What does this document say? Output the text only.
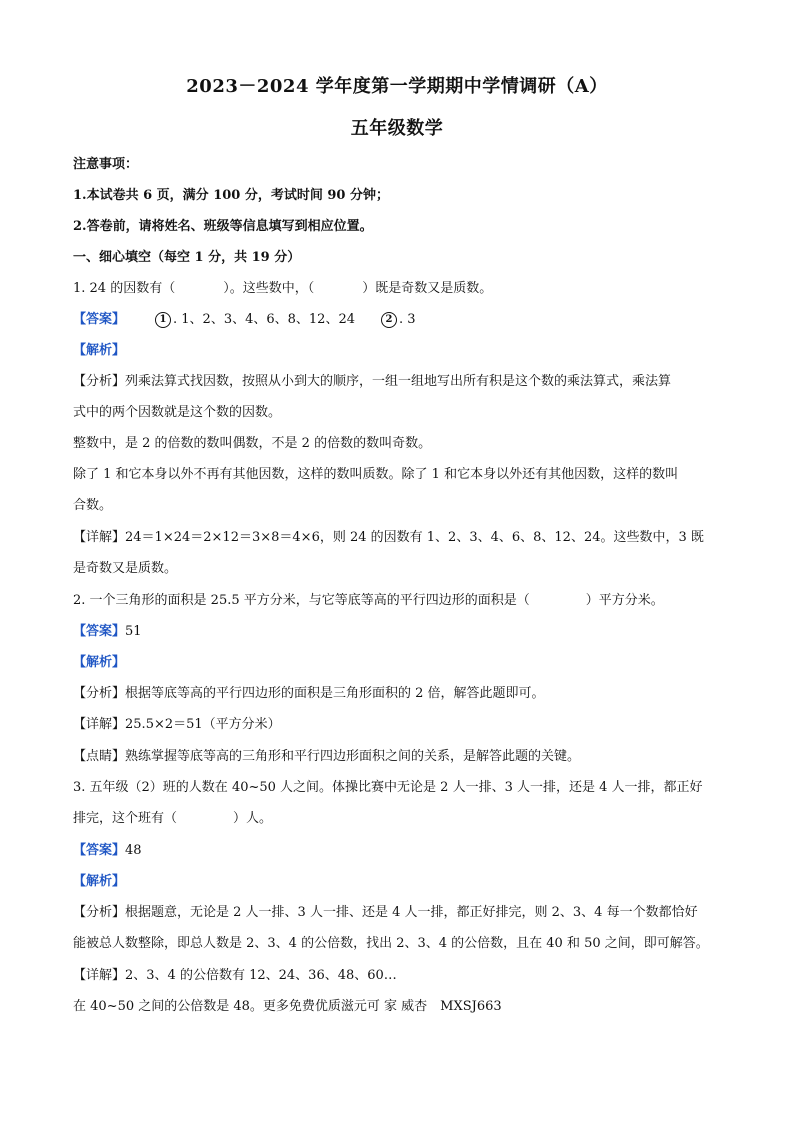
2023－2024 学年度第一学期期中学情调研（A）
五年级数学
注意事项：
1.本试卷共 6 页，满分 100 分，考试时间 90 分钟；
2.答卷前，请将姓名、班级等信息填写到相应位置。
一、细心填空（每空 1 分，共 19 分）
1. 24 的因数有（	）。这些数中，（	）既是奇数又是质数。
【答案】	1 . 1、2、3、4、6、8、12、24	2 . 3
【解析】
【分析】列乘法算式找因数，按照从小到大的顺序，一组一组地写出所有积是这个数的乘法算式，乘法算
式中的两个因数就是这个数的因数。
整数中，是 2 的倍数的数叫偶数，不是 2 的倍数的数叫奇数。
除了 1 和它本身以外不再有其他因数，这样的数叫质数。除了 1 和它本身以外还有其他因数，这样的数叫
合数。
【详解】24＝1×24＝2×12＝3×8＝4×6，则 24 的因数有 1、2、3、4、6、8、12、24。这些数中，3 既
是奇数又是质数。
2. 一个三角形的面积是 25.5 平方分米，与它等底等高的平行四边形的面积是（	）平方分米。
【答案】51
【解析】
【分析】根据等底等高的平行四边形的面积是三角形面积的 2 倍，解答此题即可。
【详解】25.5×2＝51（平方分米）
【点睛】熟练掌握等底等高的三角形和平行四边形面积之间的关系，是解答此题的关键。
3. 五年级（2）班的人数在 40~50 人之间。体操比赛中无论是 2 人一排、3 人一排，还是 4 人一排，都正好
排完，这个班有（	）人。
【答案】48
【解析】
【分析】根据题意，无论是 2 人一排、3 人一排、还是 4 人一排，都正好排完，则 2、3、4 每一个数都恰好
能被总人数整除，即总人数是 2、3、4 的公倍数，找出 2、3、4 的公倍数，且在 40 和 50 之间，即可解答。
【详解】2、3、4 的公倍数有 12、24、36、48、60…
在 40~50 之间的公倍数是 48。更多免费优质滋元可 家 威杏　MXSJ663
